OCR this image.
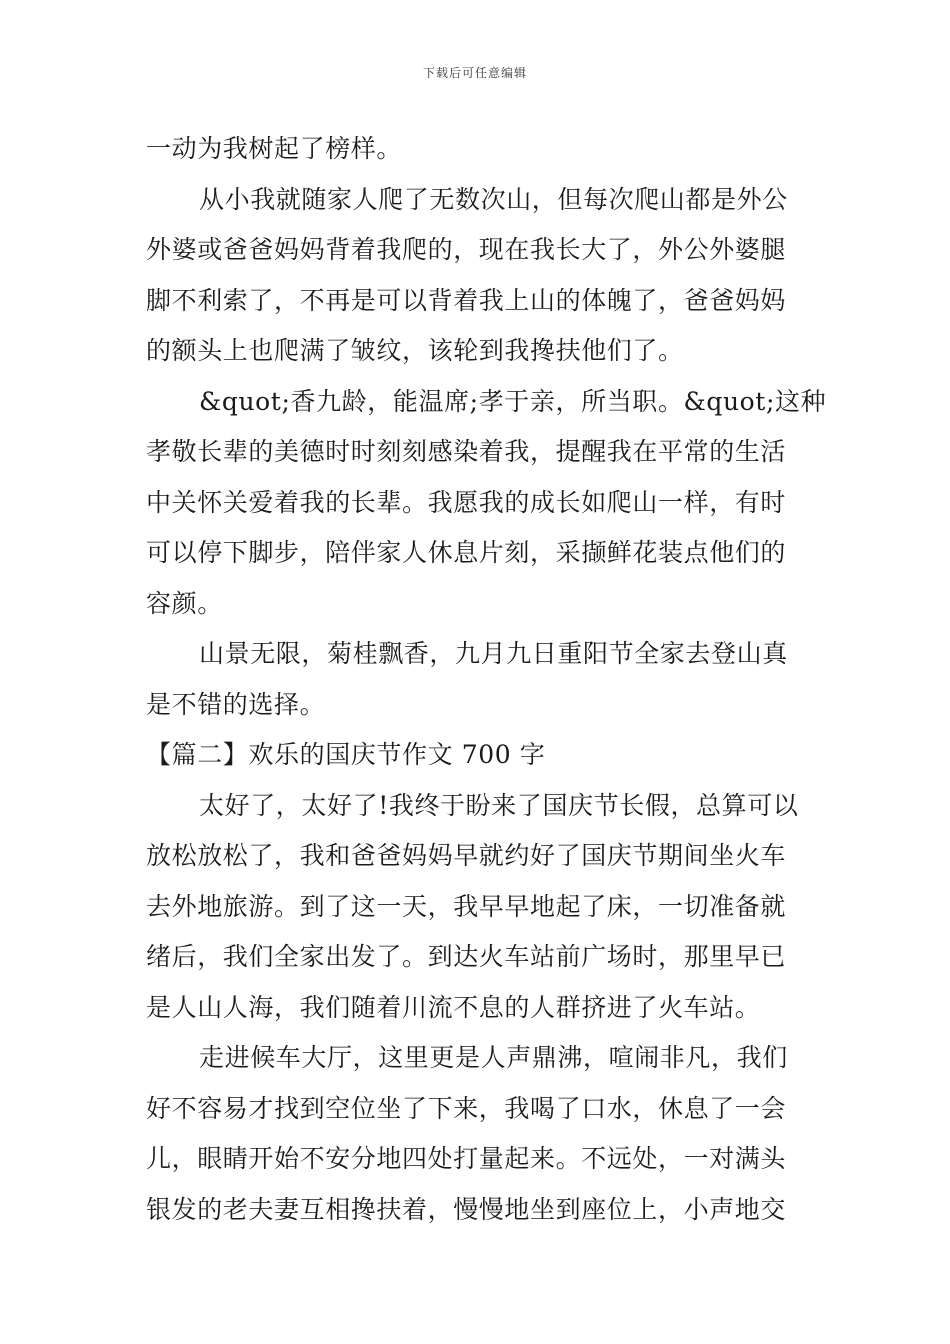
下载后可任意编辑
一动为我树起了榜样。
从小我就随家人爬了无数次山，但每次爬山都是外公
外婆或爸爸妈妈背着我爬的，现在我长大了，外公外婆腿
脚不利索了，不再是可以背着我上山的体魄了，爸爸妈妈
的额头上也爬满了皱纹，该轮到我搀扶他们了。
&quot;香九龄，能温席;孝于亲，所当职。&quot;这种
孝敬长辈的美德时时刻刻感染着我，提醒我在平常的生活
中关怀关爱着我的长辈。我愿我的成长如爬山一样，有时
可以停下脚步，陪伴家人休息片刻，采撷鲜花装点他们的
容颜。
山景无限，菊桂飘香，九月九日重阳节全家去登山真
是不错的选择。
【篇二】欢乐的国庆节作文 700 字
太好了，太好了!我终于盼来了国庆节长假，总算可以
放松放松了，我和爸爸妈妈早就约好了国庆节期间坐火车
去外地旅游。到了这一天，我早早地起了床，一切准备就
绪后，我们全家出发了。到达火车站前广场时，那里早已
是人山人海，我们随着川流不息的人群挤进了火车站。
走进候车大厅，这里更是人声鼎沸，喧闹非凡，我们
好不容易才找到空位坐了下来，我喝了口水，休息了一会
儿，眼睛开始不安分地四处打量起来。不远处，一对满头
银发的老夫妻互相搀扶着，慢慢地坐到座位上，小声地交
